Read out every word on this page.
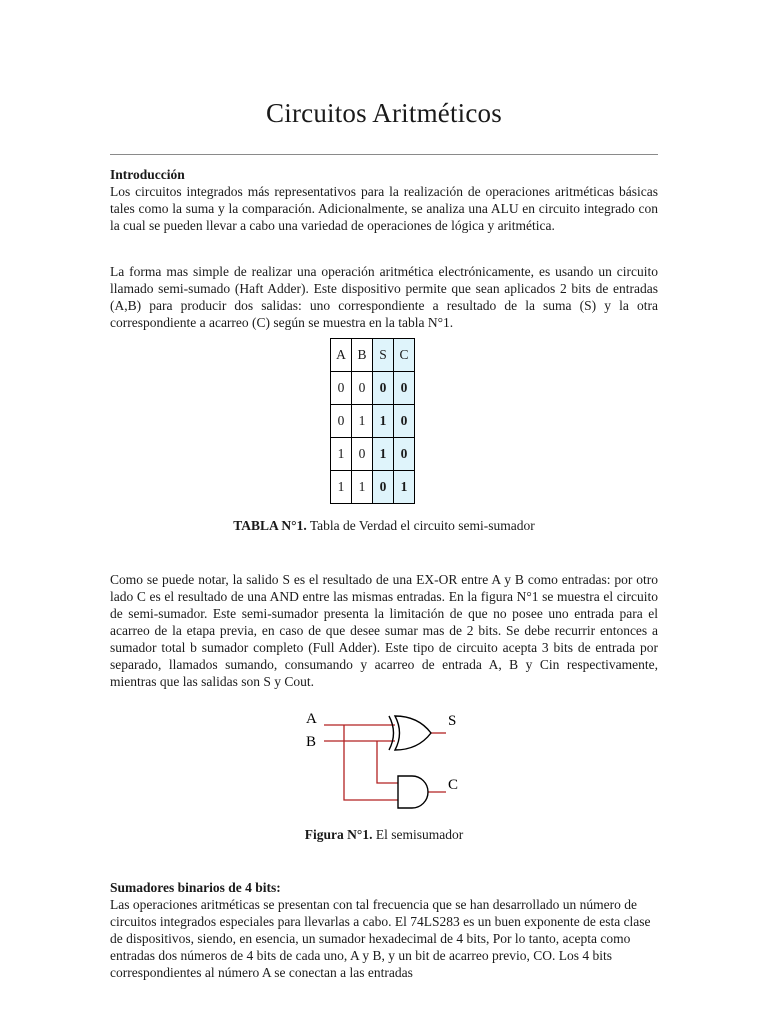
Circuitos Aritméticos
Introducción

Los circuitos integrados más representativos para la realización de operaciones aritméticas básicas tales como la suma y la comparación. Adicionalmente, se analiza una ALU en circuito integrado con la cual se pueden llevar a cabo una variedad de operaciones de lógica y aritmética.

La forma mas simple de realizar una operación aritmética electrónicamente, es usando un circuito llamado semi-sumado (Haft Adder). Este dispositivo permite que sean aplicados 2 bits de entradas (A,B) para producir dos salidas: uno correspondiente a resultado de la suma (S) y la otra correspondiente a acarreo (C) según se muestra en la tabla N°1.

A	B	S	C
0	0	0	0
0	1	1	0
1	0	1	0
1	1	0	1

TABLA N°1. Tabla de Verdad el circuito semi-sumador

Como se puede notar, la salido S es el resultado de una EX-OR entre A y B como entradas: por otro lado C es el resultado de una AND entre las mismas entradas. En la figura N°1 se muestra el circuito de semi-sumador. Este semi-sumador presenta la limitación de que no posee uno entrada para el acarreo de la etapa previa, en caso de que desee sumar mas de 2 bits. Se debe recurrir entonces a sumador total b sumador completo (Full Adder). Este tipo de circuito acepta 3 bits de entrada por separado, llamados sumando, consumando y acarreo de entrada A, B y Cin respectivamente, mientras que las salidas son S y Cout.

A
B
S
C

Figura N°1. El semisumador

Sumadores binarios de 4 bits:

Las operaciones aritméticas se presentan con tal frecuencia que se han desarrollado un número de circuitos integrados especiales para llevarlas a cabo. El 74LS283 es un buen exponente de esta clase de dispositivos, siendo, en esencia, un sumador hexadecimal de 4 bits, Por lo tanto, acepta como entradas dos números de 4 bits de cada uno, A y B, y un bit de acarreo previo, CO. Los 4 bits correspondientes al número A se conectan a las entradas
